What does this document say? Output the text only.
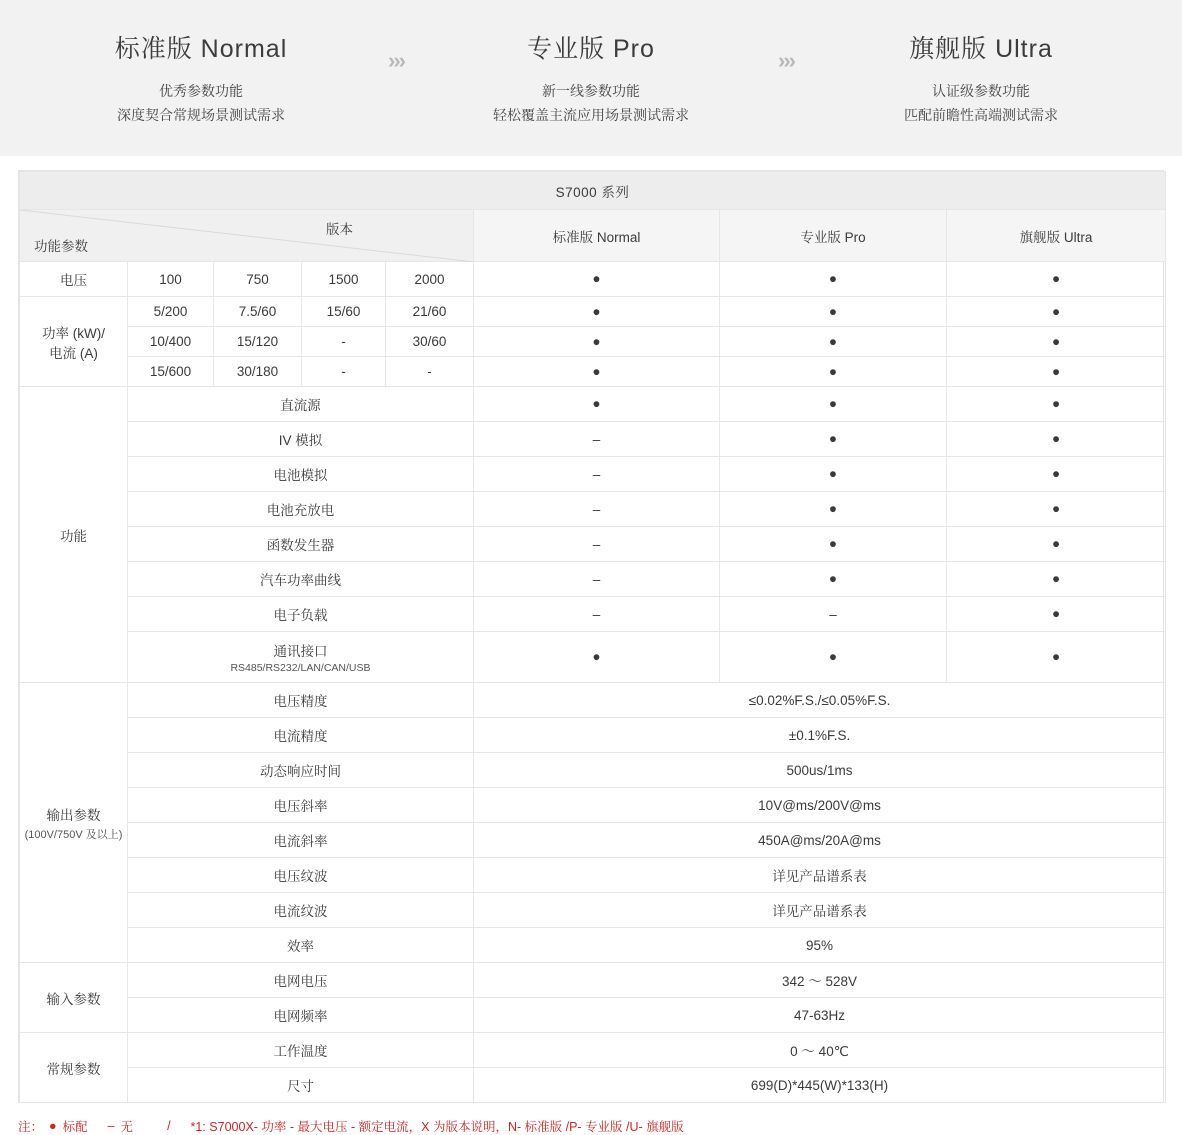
标准版 Normal
优秀参数功能
深度契合常规场景测试需求
›››	专业版 Pro
新一线参数功能
轻松覆盖主流应用场景测试需求
›››	旗舰版 Ultra
认证级参数功能
匹配前瞻性高端测试需求
S7000 系列							

功能参数
版本					标准版 Normal	专业版 Pro	旗舰版 Ultra
电压	100	750	1500	2000	●	●	●
功率 (kW)/
电流 (A)	5/200	7.5/60	15/60	21/60	●	●	●
	10/400	15/120	-	30/60	●	●	●
	15/600	30/180	-	-	●	●	●
功能	直流源				●	●	●
	IV 模拟				–	●	●
	电池模拟				–	●	●
	电池充放电				–	●	●
	函数发生器				–	●	●
	汽车功率曲线				–	●	●
	电子负载				–	–	●
	通讯接口
RS485/RS232/LAN/CAN/USB				●	●	●
输出参数
(100V/750V 及以上)	电压精度				≤0.02%F.S./≤0.05%F.S.		
	电流精度				±0.1%F.S.		
	动态响应时间				500us/1ms		
	电压斜率				10V@ms/200V@ms		
	电流斜率				450A@ms/20A@ms		
	电压纹波				详见产品谱系表		
	电流纹波				详见产品谱系表		
	效率				95%		
输入参数	电网电压				342 ～ 528V		
	电网频率				47-63Hz		
常规参数	工作温度				0 ～ 40℃		
	尺寸				699(D)*445(W)*133(H)		
注： ● 标配 – 无	/ *1: S7000X- 功率 - 最大电压 - 额定电流，X 为版本说明，N- 标准版 /P- 专业版 /U- 旗舰版
